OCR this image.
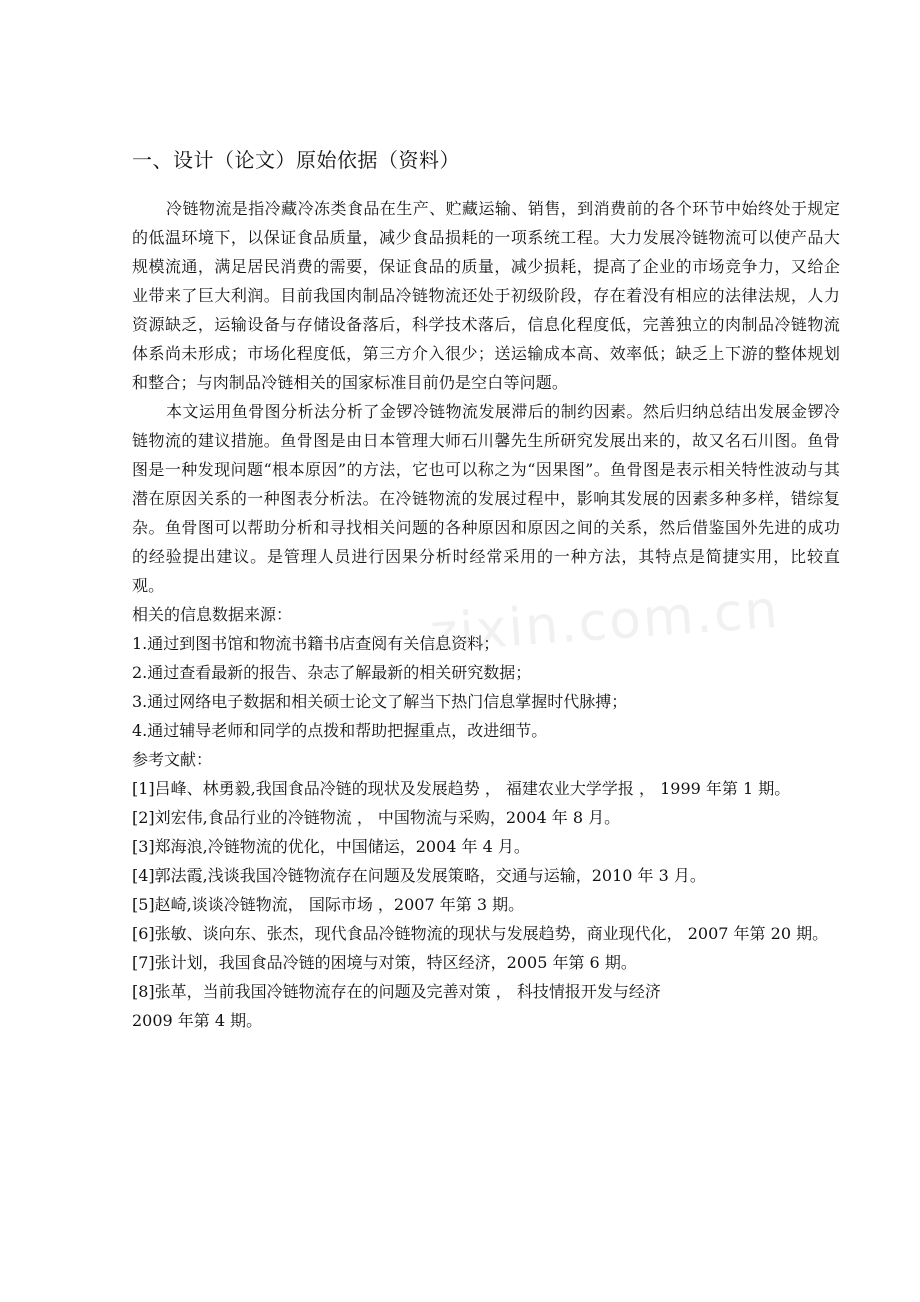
zixin.com.cn
一、设计（论文）原始依据（资料）

冷链物流是指冷藏冷冻类食品在生产、贮藏运输、销售，到消费前的各个环节中始终处于规定的低温环境下，以保证食品质量，减少食品损耗的一项系统工程。大力发展冷链物流可以使产品大规模流通，满足居民消费的需要，保证食品的质量，减少损耗，提高了企业的市场竞争力，又给企业带来了巨大利润。目前我国肉制品冷链物流还处于初级阶段，存在着没有相应的法律法规，人力资源缺乏，运输设备与存储设备落后，科学技术落后，信息化程度低，完善独立的肉制品冷链物流体系尚未形成；市场化程度低，第三方介入很少；送运输成本高、效率低；缺乏上下游的整体规划和整合；与肉制品冷链相关的国家标准目前仍是空白等问题。

本文运用鱼骨图分析法分析了金锣冷链物流发展滞后的制约因素。然后归纳总结出发展金锣冷链物流的建议措施。鱼骨图是由日本管理大师石川馨先生所研究发展出来的，故又名石川图。鱼骨图是一种发现问题“根本原因”的方法，它也可以称之为“因果图”。鱼骨图是表示相关特性波动与其潜在原因关系的一种图表分析法。在冷链物流的发展过程中，影响其发展的因素多种多样，错综复杂。鱼骨图可以帮助分析和寻找相关问题的各种原因和原因之间的关系，然后借鉴国外先进的成功的经验提出建议。是管理人员进行因果分析时经常采用的一种方法，其特点是简捷实用，比较直观。

相关的信息数据来源：

1.通过到图书馆和物流书籍书店查阅有关信息资料；
2.通过查看最新的报告、杂志了解最新的相关研究数据；
3.通过网络电子数据和相关硕士论文了解当下热门信息掌握时代脉搏；
4.通过辅导老师和同学的点拨和帮助把握重点，改进细节。

参考文献：

[1]吕峰、林勇毅,我国食品冷链的现状及发展趋势 ， 福建农业大学学报 ， 1999 年第 1 期。

[2]刘宏伟,食品行业的冷链物流 ， 中国物流与采购，2004 年 8 月。

[3]郑海浪,冷链物流的优化，中国储运，2004 年 4 月。

[4]郭法霞,浅谈我国冷链物流存在问题及发展策略，交通与运输，2010 年 3 月。

[5]赵崎,谈谈冷链物流， 国际市场 ，2007 年第 3 期。

[6]张敏、谈向东、张杰，现代食品冷链物流的现状与发展趋势，商业现代化， 2007 年第 20 期。

[7]张计划，我国食品冷链的困境与对策，特区经济，2005 年第 6 期。

[8]张革，当前我国冷链物流存在的问题及完善对策 ， 科技情报开发与经济

2009 年第 4 期。
